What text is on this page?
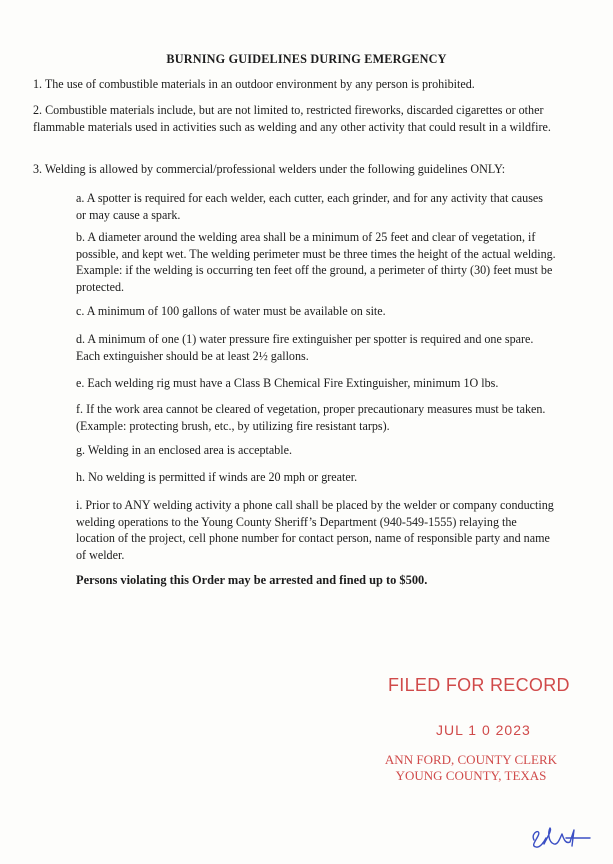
BURNING GUIDELINES DURING EMERGENCY
1. The use of combustible materials in an outdoor environment by any person is prohibited.
2. Combustible materials include, but are not limited to, restricted fireworks, discarded cigarettes or other flammable materials used in activities such as welding and any other activity that could result in a wildfire.
3. Welding is allowed by commercial/professional welders under the following guidelines ONLY:
a. A spotter is required for each welder, each cutter, each grinder, and for any activity that causes or may cause a spark.
b. A diameter around the welding area shall be a minimum of 25 feet and clear of vegetation, if possible, and kept wet. The welding perimeter must be three times the height of the actual welding. Example: if the welding is occurring ten feet off the ground, a perimeter of thirty (30) feet must be protected.
c. A minimum of 100 gallons of water must be available on site.
d. A minimum of one (1) water pressure fire extinguisher per spotter is required and one spare. Each extinguisher should be at least 2½ gallons.
e. Each welding rig must have a Class B Chemical Fire Extinguisher, minimum 1O lbs.
f. If the work area cannot be cleared of vegetation, proper precautionary measures must be taken. (Example: protecting brush, etc., by utilizing fire resistant tarps).
g. Welding in an enclosed area is acceptable.
h. No welding is permitted if winds are 20 mph or greater.
i. Prior to ANY welding activity a phone call shall be placed by the welder or company conducting welding operations to the Young County Sheriff’s Department (940-549-1555) relaying the location of the project, cell phone number for contact person, name of responsible party and name of welder.
Persons violating this Order may be arrested and fined up to $500.
FILED FOR RECORD
JUL 1 0 2023
ANN FORD, COUNTY CLERK
YOUNG COUNTY, TEXAS
